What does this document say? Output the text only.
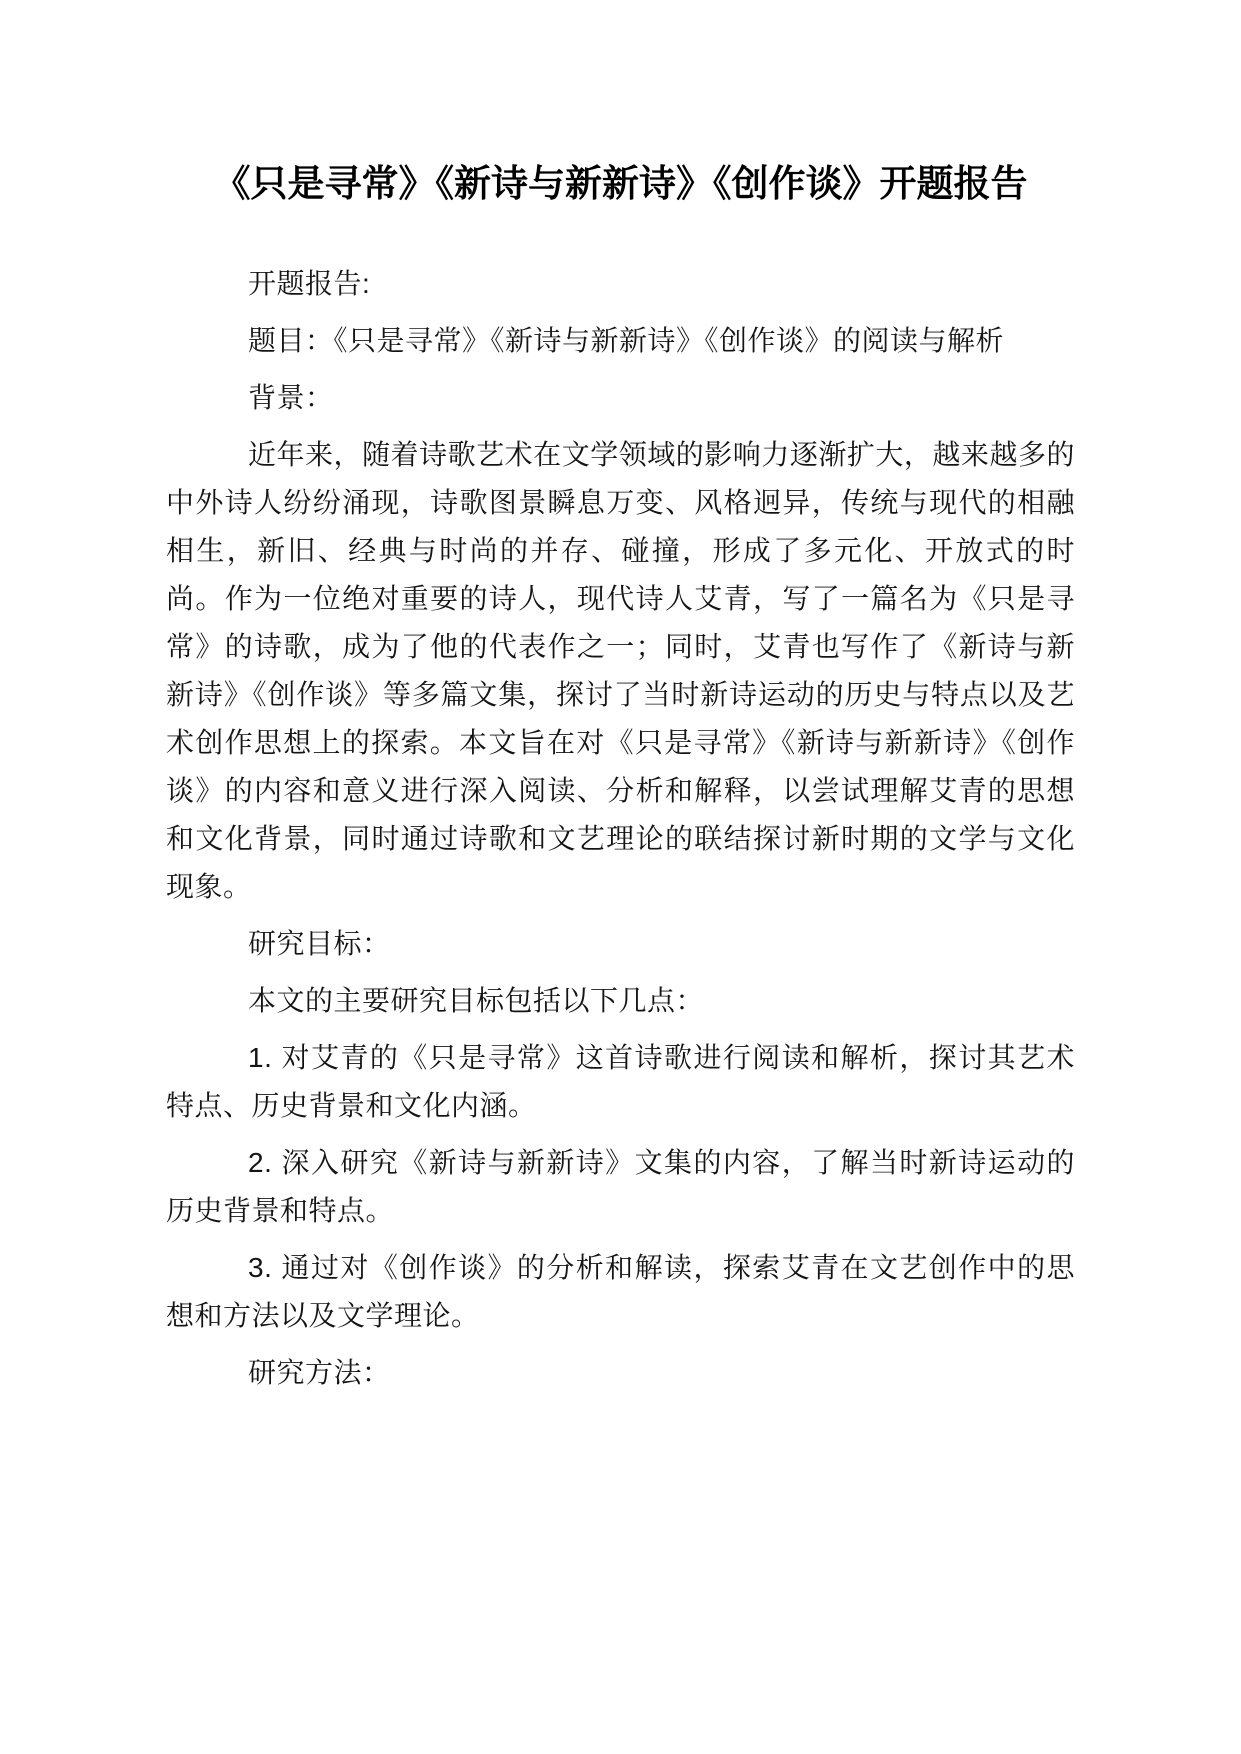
《只是寻常》《新诗与新新诗》《创作谈》开题报告

开题报告:

题目：《只是寻常》《新诗与新新诗》《创作谈》的阅读与解析

背景：

近年来，随着诗歌艺术在文学领域的影响力逐渐扩大，越来越多的中外诗人纷纷涌现，诗歌图景瞬息万变、风格迥异，传统与现代的相融相生，新旧、经典与时尚的并存、碰撞，形成了多元化、开放式的时尚。作为一位绝对重要的诗人，现代诗人艾青，写了一篇名为《只是寻常》的诗歌，成为了他的代表作之一；同时，艾青也写作了《新诗与新新诗》《创作谈》等多篇文集，探讨了当时新诗运动的历史与特点以及艺术创作思想上的探索。本文旨在对《只是寻常》《新诗与新新诗》《创作谈》的内容和意义进行深入阅读、分析和解释，以尝试理解艾青的思想和文化背景，同时通过诗歌和文艺理论的联结探讨新时期的文学与文化现象。

研究目标：

本文的主要研究目标包括以下几点：

1. 对艾青的《只是寻常》这首诗歌进行阅读和解析，探讨其艺术特点、历史背景和文化内涵。

2. 深入研究《新诗与新新诗》文集的内容，了解当时新诗运动的历史背景和特点。

3. 通过对《创作谈》的分析和解读，探索艾青在文艺创作中的思想和方法以及文学理论。

研究方法：
